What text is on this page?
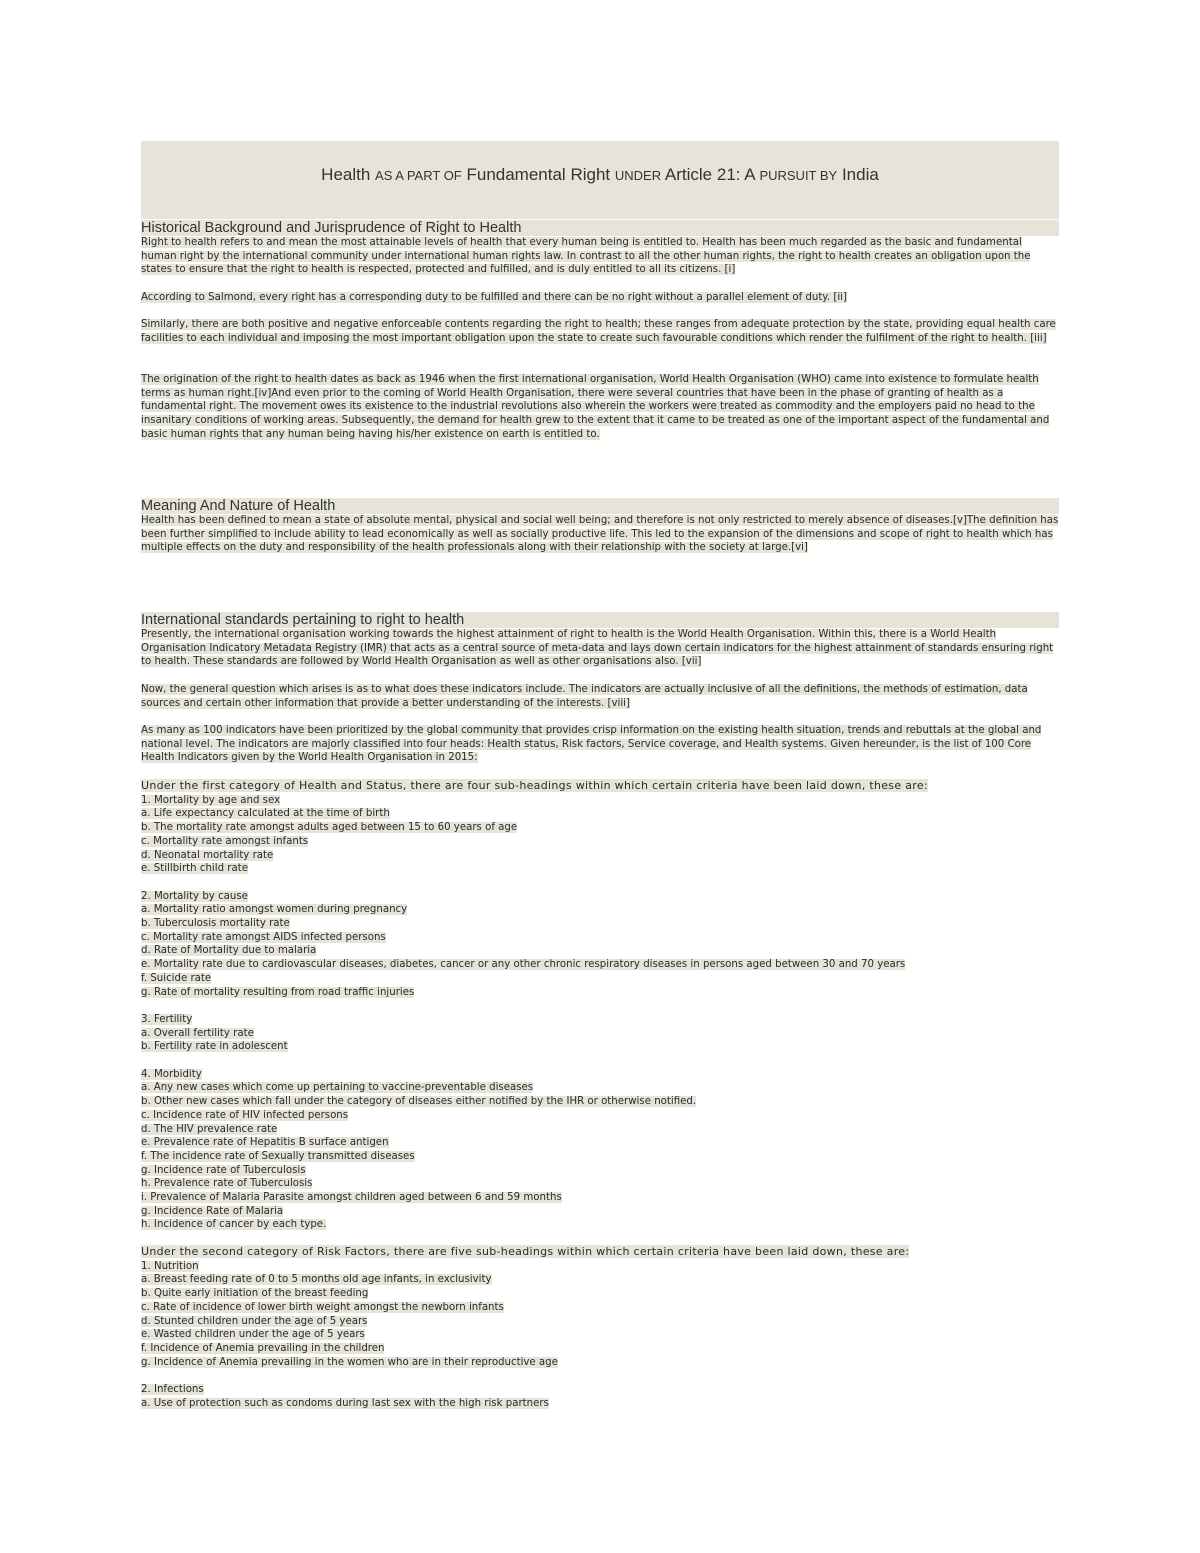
Health AS A PART OF Fundamental Right UNDER Article 21: A PURSUIT BY India
Historical Background and Jurisprudence of Right to Health

Right to health refers to and mean the most attainable levels of health that every human being is entitled to. Health has been much regarded as the basic and fundamental human right by the international community under international human rights law. In contrast to all the other human rights, the right to health creates an obligation upon the states to ensure that the right to health is respected, protected and fulfilled, and is duly entitled to all its citizens. [i]

According to Salmond, every right has a corresponding duty to be fulfilled and there can be no right without a parallel element of duty. [ii]

Similarly, there are both positive and negative enforceable contents regarding the right to health; these ranges from adequate protection by the state, providing equal health care facilities to each individual and imposing the most important obligation upon the state to create such favourable conditions which render the fulfilment of the right to health. [iii]

The origination of the right to health dates as back as 1946 when the first international organisation, World Health Organisation (WHO) came into existence to formulate health terms as human right.[iv]And even prior to the coming of World Health Organisation, there were several countries that have been in the phase of granting of health as a fundamental right. The movement owes its existence to the industrial revolutions also wherein the workers were treated as commodity and the employers paid no head to the insanitary conditions of working areas. Subsequently, the demand for health grew to the extent that it came to be treated as one of the important aspect of the fundamental and basic human rights that any human being having his/her existence on earth is entitled to.

Meaning And Nature of Health

Health has been defined to mean a state of absolute mental, physical and social well being; and therefore is not only restricted to merely absence of diseases.[v]The definition has been further simplified to include ability to lead economically as well as socially productive life. This led to the expansion of the dimensions and scope of right to health which has multiple effects on the duty and responsibility of the health professionals along with their relationship with the society at large.[vi]

International standards pertaining to right to health

Presently, the international organisation working towards the highest attainment of right to health is the World Health Organisation. Within this, there is a World Health Organisation Indicatory Metadata Registry (IMR) that acts as a central source of meta-data and lays down certain indicators for the highest attainment of standards ensuring right to health. These standards are followed by World Health Organisation as well as other organisations also. [vii]

Now, the general question which arises is as to what does these indicators include. The indicators are actually inclusive of all the definitions, the methods of estimation, data sources and certain other information that provide a better understanding of the interests. [viii]

As many as 100 indicators have been prioritized by the global community that provides crisp information on the existing health situation, trends and rebuttals at the global and national level. The indicators are majorly classified into four heads: Health status, Risk factors, Service coverage, and Health systems. Given hereunder, is the list of 100 Core Health Indicators given by the World Health Organisation in 2015:

Under the first category of Health and Status, there are four sub-headings within which certain criteria have been laid down, these are:
1. Mortality by age and sex
a. Life expectancy calculated at the time of birth
b. The mortality rate amongst adults aged between 15 to 60 years of age
c. Mortality rate amongst infants
d. Neonatal mortality rate
e. Stillbirth child rate
2. Mortality by cause
a. Mortality ratio amongst women during pregnancy
b. Tuberculosis mortality rate
c. Mortality rate amongst AIDS infected persons
d. Rate of Mortality due to malaria
e. Mortality rate due to cardiovascular diseases, diabetes, cancer or any other chronic respiratory diseases in persons aged between 30 and 70 years
f. Suicide rate
g. Rate of mortality resulting from road traffic injuries
3. Fertility
a. Overall fertility rate
b. Fertility rate in adolescent
4. Morbidity
a. Any new cases which come up pertaining to vaccine-preventable diseases
b. Other new cases which fall under the category of diseases either notified by the IHR or otherwise notified.
c. Incidence rate of HIV infected persons
d. The HIV prevalence rate
e. Prevalence rate of Hepatitis B surface antigen
f. The incidence rate of Sexually transmitted diseases
g. Incidence rate of Tuberculosis
h. Prevalence rate of Tuberculosis
i. Prevalence of Malaria Parasite amongst children aged between 6 and 59 months
g. Incidence Rate of Malaria
h. Incidence of cancer by each type.
Under the second category of Risk Factors, there are five sub-headings within which certain criteria have been laid down, these are:
1. Nutrition
a. Breast feeding rate of 0 to 5 months old age infants, in exclusivity
b. Quite early initiation of the breast feeding
c. Rate of incidence of lower birth weight amongst the newborn infants
d. Stunted children under the age of 5 years
e. Wasted children under the age of 5 years
f. Incidence of Anemia prevailing in the children
g. Incidence of Anemia prevailing in the women who are in their reproductive age
2. Infections
a. Use of protection such as condoms during last sex with the high risk partners
